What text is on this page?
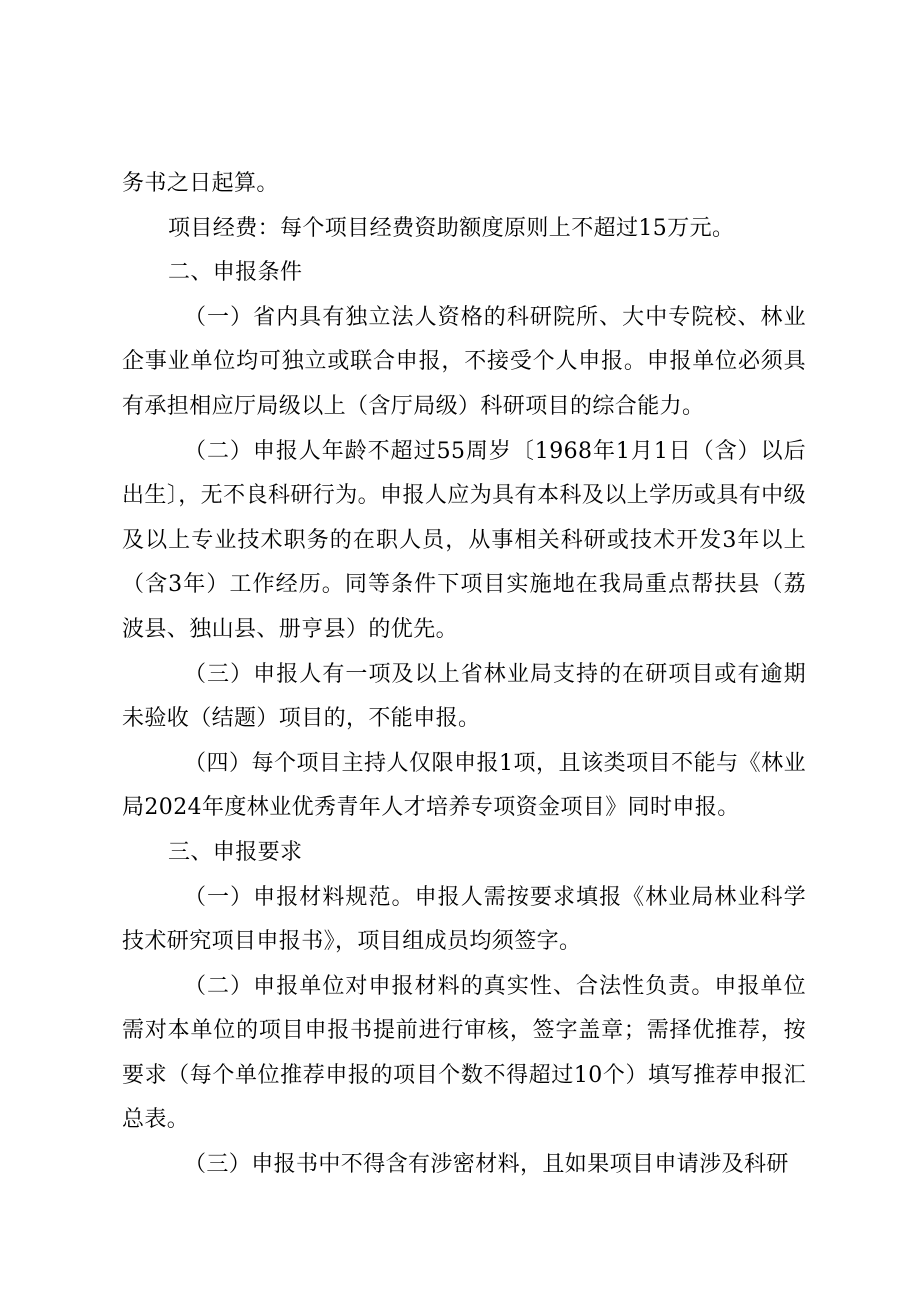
务书之日起算。

项目经费：每个项目经费资助额度原则上不超过15万元。

二、申报条件

（一）省内具有独立法人资格的科研院所、大中专院校、林业企事业单位均可独立或联合申报，不接受个人申报。申报单位必须具有承担相应厅局级以上（含厅局级）科研项目的综合能力。

（二）申报人年龄不超过55周岁〔1968年1月1日（含）以后出生〕，无不良科研行为。申报人应为具有本科及以上学历或具有中级及以上专业技术职务的在职人员，从事相关科研或技术开发3年以上（含3年）工作经历。同等条件下项目实施地在我局重点帮扶县（荔波县、独山县、册亨县）的优先。

（三）申报人有一项及以上省林业局支持的在研项目或有逾期未验收（结题）项目的，不能申报。

（四）每个项目主持人仅限申报1项，且该类项目不能与《林业局2024年度林业优秀青年人才培养专项资金项目》同时申报。

三、申报要求

（一）申报材料规范。申报人需按要求填报《林业局林业科学技术研究项目申报书》，项目组成员均须签字。

（二）申报单位对申报材料的真实性、合法性负责。申报单位需对本单位的项目申报书提前进行审核，签字盖章；需择优推荐，按要求（每个单位推荐申报的项目个数不得超过10个）填写推荐申报汇总表。

（三）申报书中不得含有涉密材料，且如果项目申请涉及科研
